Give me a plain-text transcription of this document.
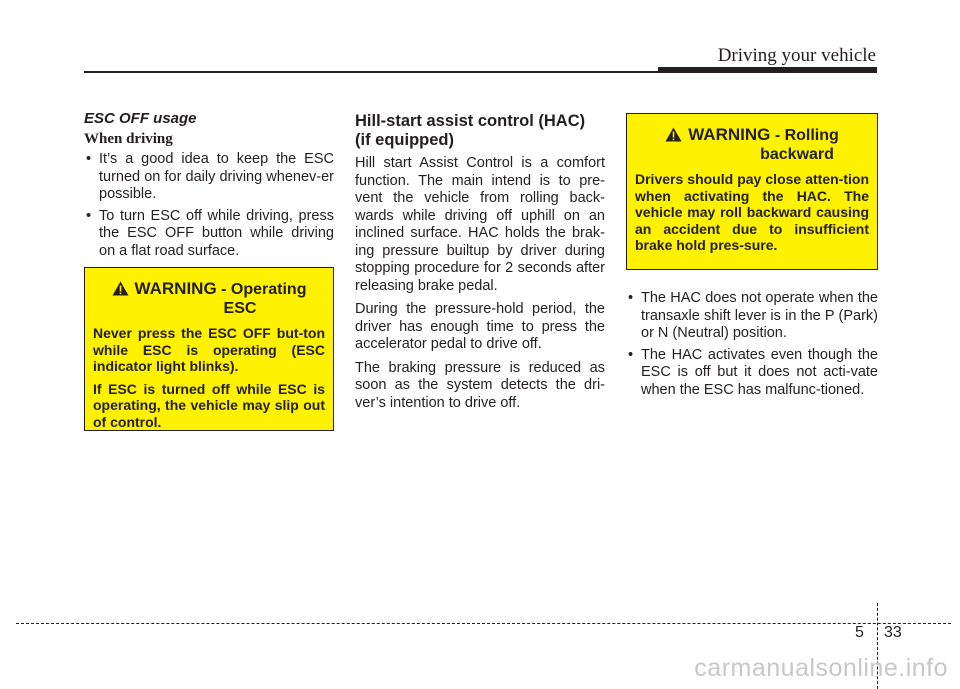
Driving your vehicle
ESC OFF usage
When driving
• It’s a good idea to keep the ESC turned on for daily driving whenev-er possible.
• To turn ESC off while driving, press the ESC OFF button while driving on a flat road surface.
WARNING - Operating
ESC

Never press the ESC OFF but-ton while ESC is operating (ESC indicator light blinks).

If ESC is turned off while ESC is operating, the vehicle may slip out of control.

Hill-start assist control (HAC) (if equipped)

Hill start Assist Control is a comfort function. The main intend is to pre-vent the vehicle from rolling back-wards while driving off uphill on an inclined surface. HAC holds the brak-ing pressure builtup by driver during stopping procedure for 2 seconds after releasing brake pedal.

During the pressure-hold period, the driver has enough time to press the accelerator pedal to drive off.

The braking pressure is reduced as soon as the system detects the dri-ver’s intention to drive off.

WARNING - Rolling
backward

Drivers should pay close atten-tion when activating the HAC. The vehicle may roll backward causing an accident due to insufficient brake hold pres-sure.

• The HAC does not operate when the transaxle shift lever is in the P (Park) or N (Neutral) position.
• The HAC activates even though the ESC is off but it does not acti-vate when the ESC has malfunc-tioned.
5 33
carmanualsonline.info
